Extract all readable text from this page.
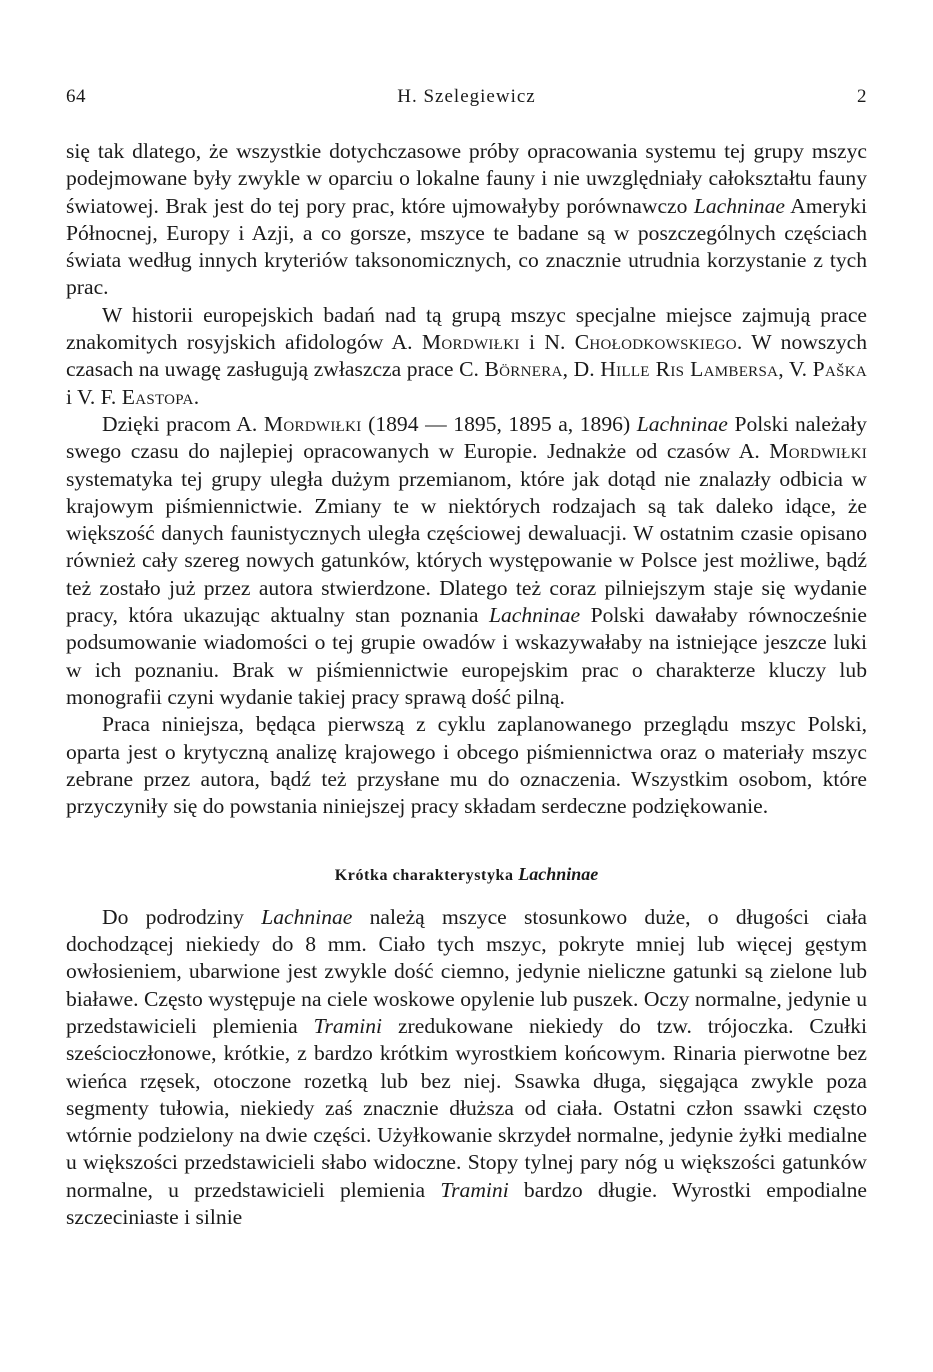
64	H. Szelegiewicz	2

się tak dlatego, że wszystkie dotychczasowe próby opracowania systemu tej grupy mszyc podejmowane były zwykle w oparciu o lokalne fauny i nie uwzględniały całokształtu fauny światowej. Brak jest do tej pory prac, które ujmowałyby porównawczo Lachninae Ameryki Północnej, Europy i Azji, a co gorsze, mszyce te badane są w poszczególnych częściach świata według innych kryteriów taksonomicznych, co znacznie utrudnia korzystanie z tych prac.

W historii europejskich badań nad tą grupą mszyc specjalne miejsce zajmują prace znakomitych rosyjskich afidologów A. Mordwiłki i N. Chołodkowskiego. W nowszych czasach na uwagę zasługują zwłaszcza prace C. Börnera, D. Hille Ris Lambersa, V. Paška i V. F. Eastopa.

Dzięki pracom A. Mordwiłki (1894 — 1895, 1895 a, 1896) Lachninae Polski należały swego czasu do najlepiej opracowanych w Europie. Jednakże od czasów A. Mordwiłki systematyka tej grupy uległa dużym przemianom, które jak dotąd nie znalazły odbicia w krajowym piśmiennictwie. Zmiany te w niektórych rodzajach są tak daleko idące, że większość danych faunistycznych uległa częściowej dewaluacji. W ostatnim czasie opisano również cały szereg nowych gatunków, których występowanie w Polsce jest możliwe, bądź też zostało już przez autora stwierdzone. Dlatego też coraz pilniejszym staje się wydanie pracy, która ukazując aktualny stan poznania Lachninae Polski dawałaby równocześnie podsumowanie wiadomości o tej grupie owadów i wskazywałaby na istniejące jeszcze luki w ich poznaniu. Brak w piśmiennictwie europejskim prac o charakterze kluczy lub monografii czyni wydanie takiej pracy sprawą dość pilną.

Praca niniejsza, będąca pierwszą z cyklu zaplanowanego przeglądu mszyc Polski, oparta jest o krytyczną analizę krajowego i obcego piśmiennictwa oraz o materiały mszyc zebrane przez autora, bądź też przysłane mu do oznaczenia. Wszystkim osobom, które przyczyniły się do powstania niniejszej pracy składam serdeczne podziękowanie.

Krótka charakterystyka Lachninae

Do podrodziny Lachninae należą mszyce stosunkowo duże, o długości ciała dochodzącej niekiedy do 8 mm. Ciało tych mszyc, pokryte mniej lub więcej gęstym owłosieniem, ubarwione jest zwykle dość ciemno, jedynie nieliczne gatunki są zielone lub białawe. Często występuje na ciele woskowe opylenie lub puszek. Oczy normalne, jedynie u przedstawicieli plemienia Tramini zredukowane niekiedy do tzw. trójoczka. Czułki sześcioczłonowe, krótkie, z bardzo krótkim wyrostkiem końcowym. Rinaria pierwotne bez wieńca rzęsek, otoczone rozetką lub bez niej. Ssawka długa, sięgająca zwykle poza segmenty tułowia, niekiedy zaś znacznie dłuższa od ciała. Ostatni człon ssawki często wtórnie podzielony na dwie części. Użyłkowanie skrzydeł normalne, jedynie żyłki medialne u większości przedstawicieli słabo widoczne. Stopy tylnej pary nóg u większości gatunków normalne, u przedstawicieli plemienia Tramini bardzo długie. Wyrostki empodialne szczeciniaste i silnie
